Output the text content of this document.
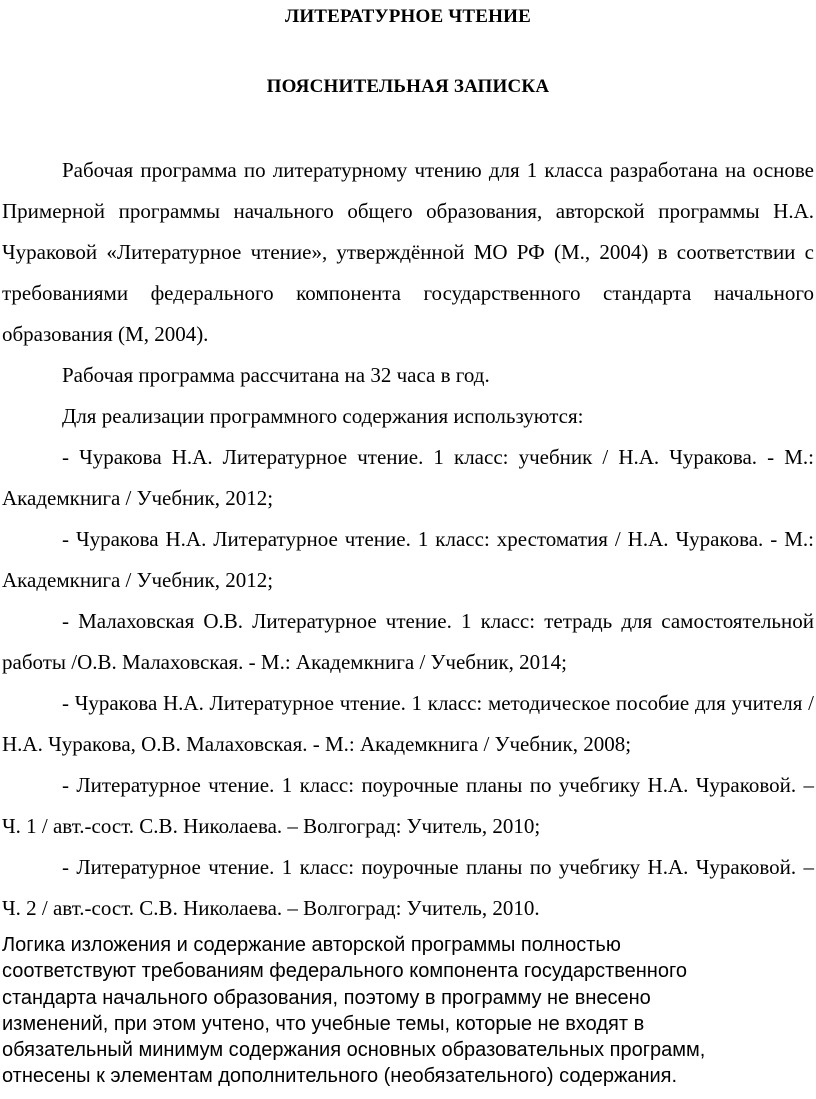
ЛИТЕРАТУРНОЕ ЧТЕНИЕ
ПОЯСНИТЕЛЬНАЯ ЗАПИСКА

Рабочая программа по литературному чтению для 1 класса разработана на основе Примерной программы начального общего образования, авторской программы Н.А. Чураковой «Литературное чтение», утверждённой МО РФ (М., 2004) в соответствии с требованиями федерального компонента государственного стандарта начального образования (М, 2004).

Рабочая программа рассчитана на 32 часа в год.

Для реализации программного содержания используются:

- Чуракова Н.А. Литературное чтение. 1 класс: учебник / Н.А. Чуракова. - М.: Академкнига / Учебник, 2012;

- Чуракова Н.А. Литературное чтение. 1 класс: хрестоматия / Н.А. Чуракова. - М.: Академкнига / Учебник, 2012;

- Малаховская О.В. Литературное чтение. 1 класс: тетрадь для самостоятельной работы /О.В. Малаховская. - М.: Академкнига / Учебник, 2014;

- Чуракова Н.А. Литературное чтение. 1 класс: методическое пособие для учителя / Н.А. Чуракова, О.В. Малаховская. - М.: Академкнига / Учебник, 2008;

- Литературное чтение. 1 класс: поурочные планы по учебгику Н.А. Чураковой. – Ч. 1 / авт.-сост. С.В. Николаева. – Волгоград: Учитель, 2010;

- Литературное чтение. 1 класс: поурочные планы по учебгику Н.А. Чураковой. – Ч. 2 / авт.-сост. С.В. Николаева. – Волгоград: Учитель, 2010.

Логика изложения и содержание авторской программы полностью соответствуют требованиям федерального компонента государственного стандарта начального образования, поэтому в программу не внесено изменений, при этом учтено, что учебные темы, которые не входят в обязательный минимум содержания основных образовательных программ, отнесены к элементам дополнительного (необязательного) содержания.
